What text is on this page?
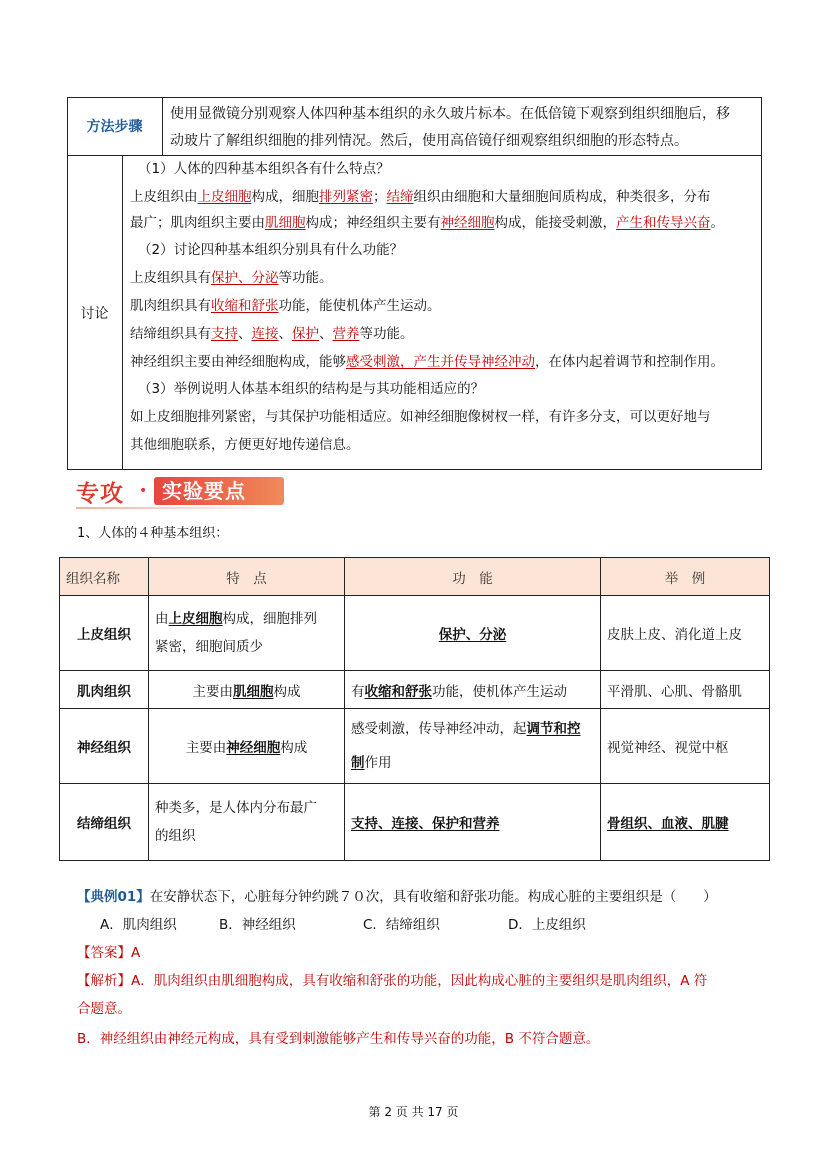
方法步骤
使用显微镜分别观察人体四种基本组织的永久玻片标本。在低倍镜下观察到组织细胞后，移
动玻片了解组织细胞的排列情况。然后，使用高倍镜仔细观察组织细胞的形态特点。
讨论
（1）人体的四种基本组织各有什么特点？
上皮组织由上皮细胞构成，细胞排列紧密；结缔组织由细胞和大量细胞间质构成，种类很多，分布
最广；肌肉组织主要由肌细胞构成；神经组织主要有神经细胞构成，能接受刺激，产生和传导兴奋。
（2）讨论四种基本组织分别具有什么功能？
上皮组织具有保护、分泌等功能。
肌肉组织具有收缩和舒张功能，能使机体产生运动。
结缔组织具有支持、连接、保护、营养等功能。
神经组织主要由神经细胞构成，能够感受刺激，产生并传导神经冲动，在体内起着调节和控制作用。
（3）举例说明人体基本组织的结构是与其功能相适应的？
如上皮细胞排列紧密，与其保护功能相适应。如神经细胞像树杈一样，有许多分支，可以更好地与
其他细胞联系，方便更好地传递信息。
专攻 • 实验要点
1、人体的４种基本组织：
组织名称	特　点	功　能	举　例
上皮组织	由上皮细胞构成，细胞排列
紧密，细胞间质少	保护、分泌	皮肤上皮、消化道上皮
肌肉组织	主要由肌细胞构成	有收缩和舒张功能，使机体产生运动	平滑肌、心肌、骨骼肌
神经组织	主要由神经细胞构成	感受刺激，传导神经冲动，起调节和控
制作用	视觉神经、视觉中枢
结缔组织	种类多，是人体内分布最广
的组织	支持、连接、保护和营养	骨组织、血液、肌腱
【典例01】在安静状态下，心脏每分钟约跳７０次，具有收缩和舒张功能。构成心脏的主要组织是（　　）
A．肌肉组织	B．神经组织	C．结缔组织	D．上皮组织
【答案】A
【解析】A．肌肉组织由肌细胞构成，具有收缩和舒张的功能，因此构成心脏的主要组织是肌肉组织，A 符
合题意。
B．神经组织由神经元构成，具有受到刺激能够产生和传导兴奋的功能，B 不符合题意。
第 2 页 共 17 页
